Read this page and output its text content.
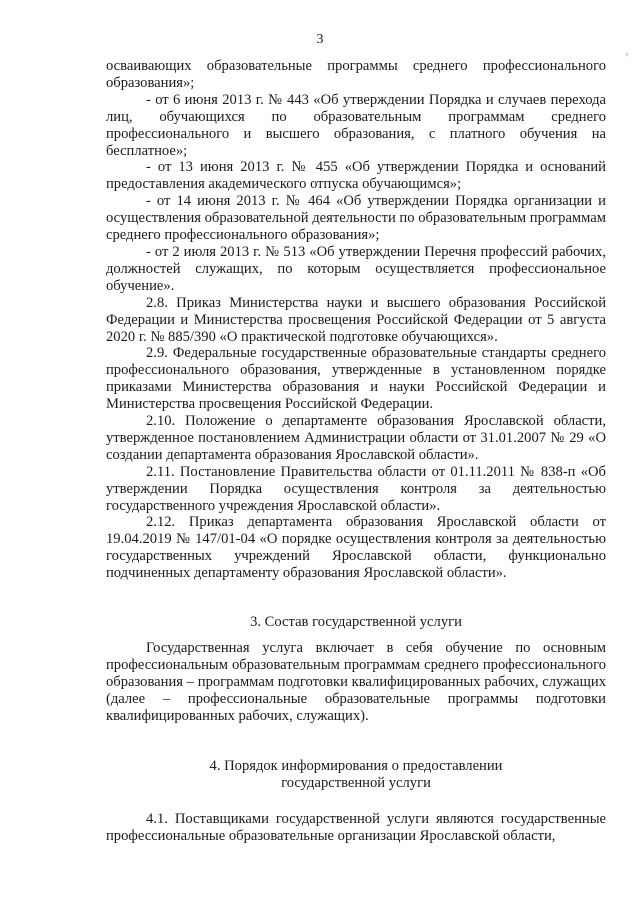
3
ꞌ

осваивающих образовательные программы среднего профессионального образования»;

- от 6 июня 2013 г. № 443 «Об утверждении Порядка и случаев перехода лиц, обучающихся по образовательным программам среднего профессионального и высшего образования, с платного обучения на бесплатное»;

- от 13 июня 2013 г. № 455 «Об утверждении Порядка и оснований предоставления академического отпуска обучающимся»;

- от 14 июня 2013 г. № 464 «Об утверждении Порядка организации и осуществления образовательной деятельности по образовательным программам среднего профессионального образования»;

- от 2 июля 2013 г. № 513 «Об утверждении Перечня профессий рабочих, должностей служащих, по которым осуществляется профессиональное обучение».

2.8. Приказ Министерства науки и высшего образования Российской Федерации и Министерства просвещения Российской Федерации от 5 августа 2020 г. № 885/390 «О практической подготовке обучающихся».

2.9. Федеральные государственные образовательные стандарты среднего профессионального образования, утвержденные в установленном порядке приказами Министерства образования и науки Российской Федерации и Министерства просвещения Российской Федерации.

2.10. Положение о департаменте образования Ярославской области, утвержденное постановлением Администрации области от 31.01.2007 № 29 «О создании департамента образования Ярославской области».

2.11. Постановление Правительства области от 01.11.2011 № 838-п «Об утверждении Порядка осуществления контроля за деятельностью государственного учреждения Ярославской области».

2.12. Приказ департамента образования Ярославской области от 19.04.2019 № 147/01-04 «О порядке осуществления контроля за деятельностью государственных учреждений Ярославской области, функционально подчиненных департаменту образования Ярославской области».

3. Состав государственной услуги

Государственная услуга включает в себя обучение по основным профессиональным образовательным программам среднего профессионального образования – программам подготовки квалифицированных рабочих, служащих (далее – профессиональные образовательные программы подготовки квалифицированных рабочих, служащих).

4. Порядок информирования о предоставлении
государственной услуги

4.1. Поставщиками государственной услуги являются государственные профессиональные образовательные организации Ярославской области,
